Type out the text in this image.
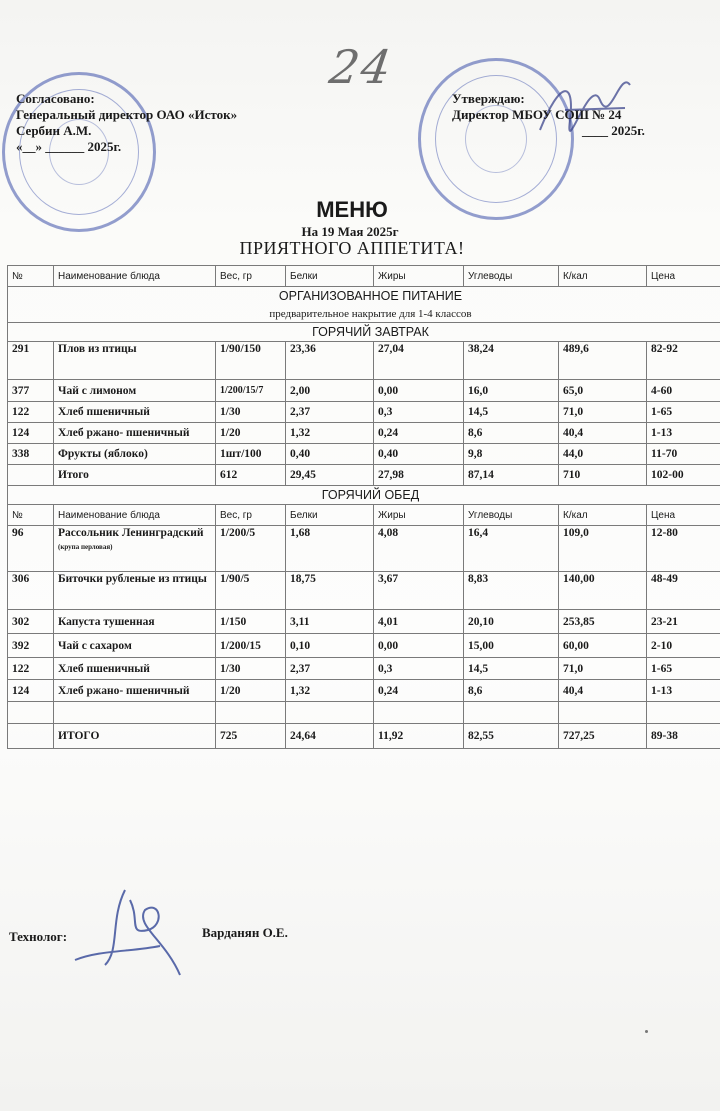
24
Согласовано:
Генеральный директор ОАО «Исток»
Сербин А.М.
«__» ______ 2025г.
Утверждаю:
Директор МБОУ СОШ № 24
____ 2025г.
МЕНЮ
На 19 Мая 2025г
ПРИЯТНОГО АППЕТИТА!
№	Наименование блюда	Вес, гр	Белки	Жиры	Углеводы	К/кал	Цена
ОРГАНИЗОВАННОЕ ПИТАНИЕ							
предварительное накрытие для 1-4 классов							
ГОРЯЧИЙ ЗАВТРАК							
291	Плов из птицы	1/90/150	23,36	27,04	38,24	489,6	82-92
377	Чай с лимоном	1/200/15/7	2,00	0,00	16,0	65,0	4-60
122	Хлеб пшеничный	1/30	2,37	0,3	14,5	71,0	1-65
124	Хлеб ржано- пшеничный	1/20	1,32	0,24	8,6	40,4	1-13
338	Фрукты (яблоко)	1шт/100	0,40	0,40	9,8	44,0	11-70
	Итого	612	29,45	27,98	87,14	710	102-00
ГОРЯЧИЙ ОБЕД							
№	Наименование блюда	Вес, гр	Белки	Жиры	Углеводы	К/кал	Цена
96	Рассольник Ленинградский (крупа перловая)	1/200/5	1,68	4,08	16,4	109,0	12-80
306	Биточки рубленые из птицы	1/90/5	18,75	3,67	8,83	140,00	48-49
302	Капуста тушенная	1/150	3,11	4,01	20,10	253,85	23-21
392	Чай с сахаром	1/200/15	0,10	0,00	15,00	60,00	2-10
122	Хлеб пшеничный	1/30	2,37	0,3	14,5	71,0	1-65
124	Хлеб ржано- пшеничный	1/20	1,32	0,24	8,6	40,4	1-13

	ИТОГО	725	24,64	11,92	82,55	727,25	89-38
Технолог:	Варданян О.Е.
